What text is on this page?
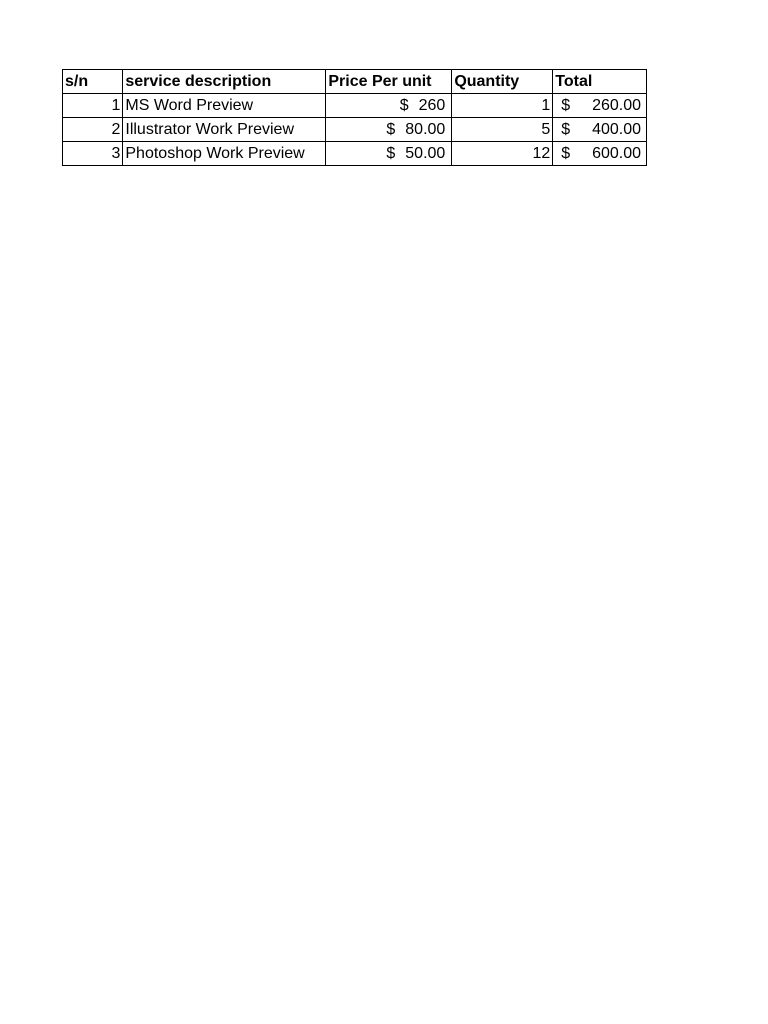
s/n	service description	Price Per unit	Quantity	Total
1	MS Word Preview	$ 260	1	$ 260.00

2	Illustrator Work Preview	$ 80.00	5	$ 400.00

3	Photoshop Work Preview	$ 50.00	12	$ 600.00
